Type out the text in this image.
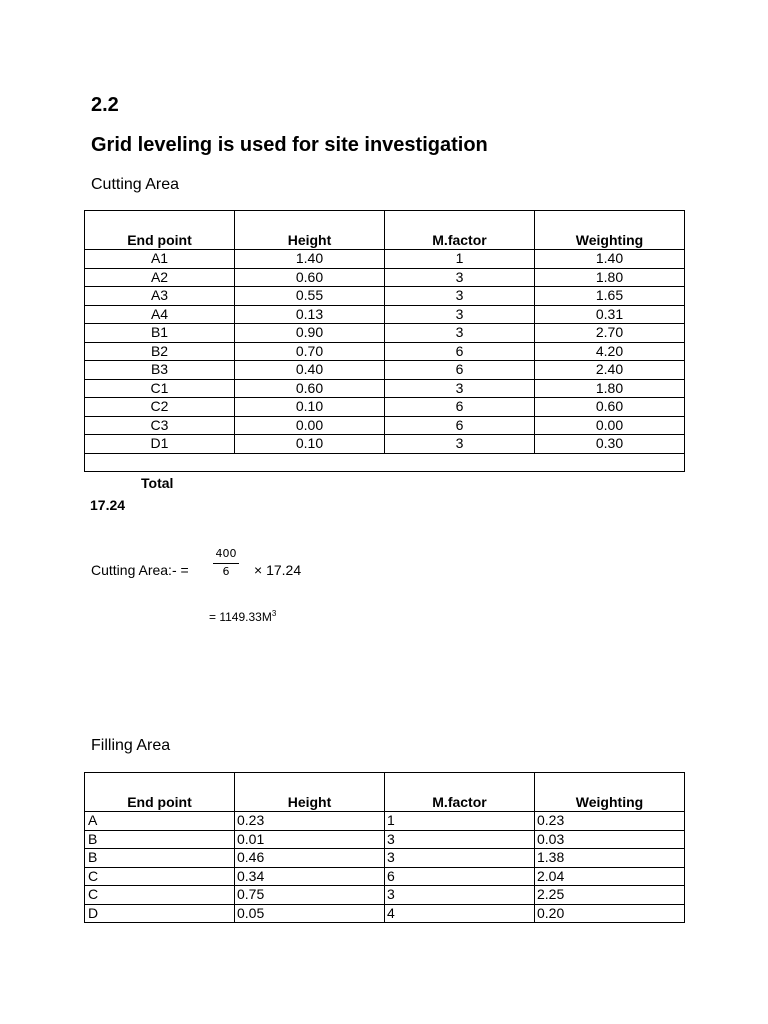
2.2
Grid leveling is used for site investigation
Cutting Area
End point	Height	M.factor	Weighting
A1	1.40	1	1.40
A2	0.60	3	1.80
A3	0.55	3	1.65
A4	0.13	3	0.31
B1	0.90	3	2.70
B2	0.70	6	4.20
B3	0.40	6	2.40
C1	0.60	3	1.80
C2	0.10	6	0.60
C3	0.00	6	0.00
D1	0.10	3	0.30

Total
17.24			
Cutting Area:- =
400
6	× 17.24
= $1149.33M^3$
Filling Area
End point	Height	M.factor	Weighting
A	0.23	1	0.23
B	0.01	3	0.03
B	0.46	3	1.38
C	0.34	6	2.04
C	0.75	3	2.25
D	0.05	4	0.20
